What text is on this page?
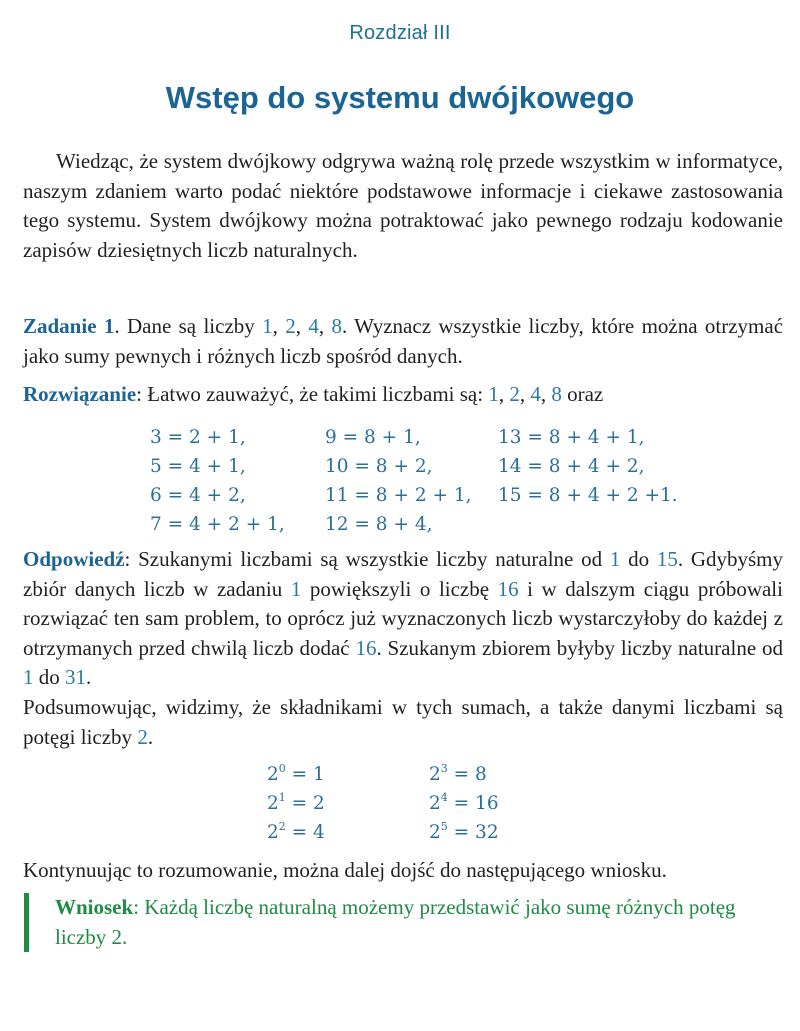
Rozdział III
Wstęp do systemu dwójkowego

Wiedząc, że system dwójkowy odgrywa ważną rolę przede wszystkim w informatyce, naszym zdaniem warto podać niektóre podstawowe informacje i ciekawe zastosowania tego systemu. System dwójkowy można potraktować jako pewnego rodzaju kodowanie zapisów dziesiętnych liczb naturalnych.

Zadanie 1. Dane są liczby 1, 2, 4, 8. Wyznacz wszystkie liczby, które można otrzymać jako sumy pewnych i różnych liczb spośród danych.

Rozwiązanie: Łatwo zauważyć, że takimi liczbami są: 1, 2, 4, 8 oraz

3 = 2 + 1,	9 = 8 + 1,	13 = 8 + 4 + 1,
5 = 4 + 1,	10 = 8 + 2,	14 = 8 + 4 + 2,
6 = 4 + 2,	11 = 8 + 2 + 1,	15 = 8 + 4 + 2 +1.
7 = 4 + 2 + 1,	12 = 8 + 4,

Odpowiedź: Szukanymi liczbami są wszystkie liczby naturalne od 1 do 15. Gdybyśmy zbiór danych liczb w zadaniu 1 powiększyli o liczbę 16 i w dalszym ciągu próbowali rozwiązać ten sam problem, to oprócz już wyznaczonych liczb wystarczyłoby do każdej z otrzymanych przed chwilą liczb dodać 16. Szukanym zbiorem byłyby liczby naturalne od 1 do 31.

Podsumowując, widzimy, że składnikami w tych sumach, a także danymi liczbami są potęgi liczby 2.

$2^0 = 1$	$2^3 = 8$
$2^1 = 2$	$2^4 = 16$
$2^2 = 4$	$2^5 = 32$

Kontynuując to rozumowanie, można dalej dojść do następującego wniosku.

Wniosek: Każdą liczbę naturalną możemy przedstawić jako sumę różnych potęg liczby 2.
